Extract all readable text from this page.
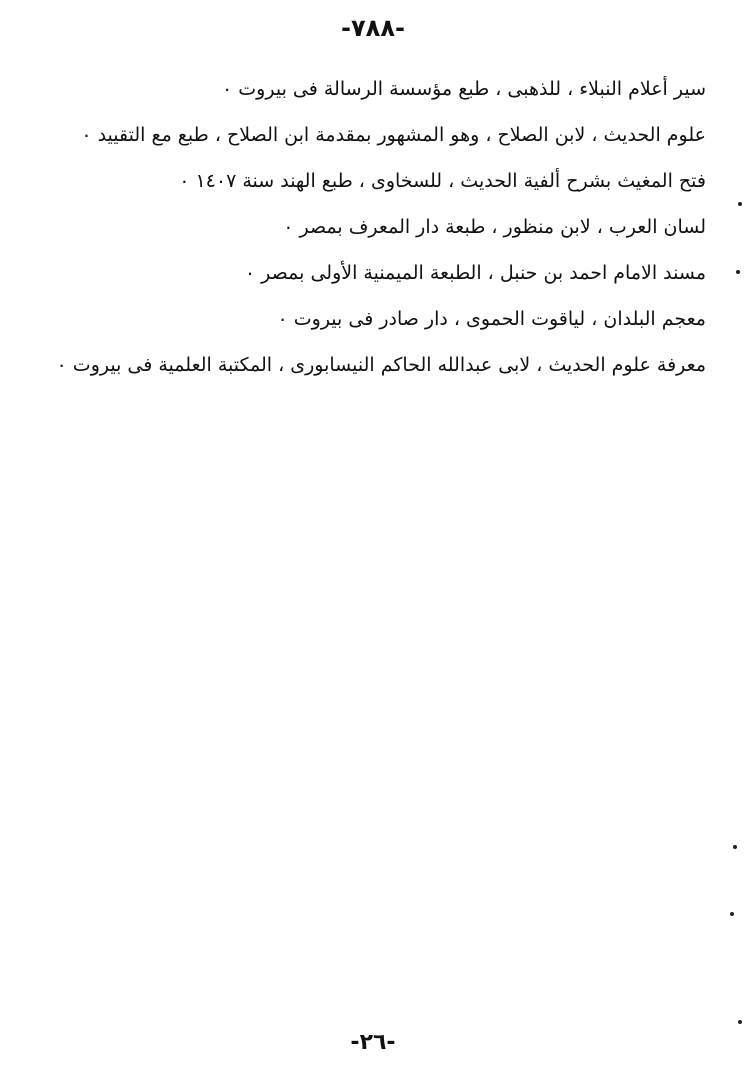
-٧٨٨-
سير أعلام النبلاء ، للذهبى ، طبع مؤسسة الرسالة فى بيروت ٠
علوم الحديث ، لابن الصلاح ، وهو المشهور بمقدمة ابن الصلاح ، طبع مع التقييد ٠
فتح المغيث بشرح ألفية الحديث ، للسخاوى ، طبع الهند سنة ١٤٠٧ ٠
لسان العرب ، لابن منظور ، طبعة دار المعرف بمصر ٠
مسند الامام احمد بن حنبل ، الطبعة الميمنية الأولى بمصر ٠
معجم البلدان ، لياقوت الحموى ، دار صادر فى بيروت ٠
معرفة علوم الحديث ، لابى عبدالله الحاكم النيسابورى ، المكتبة العلمية فى بيروت ٠
-٢٦-
